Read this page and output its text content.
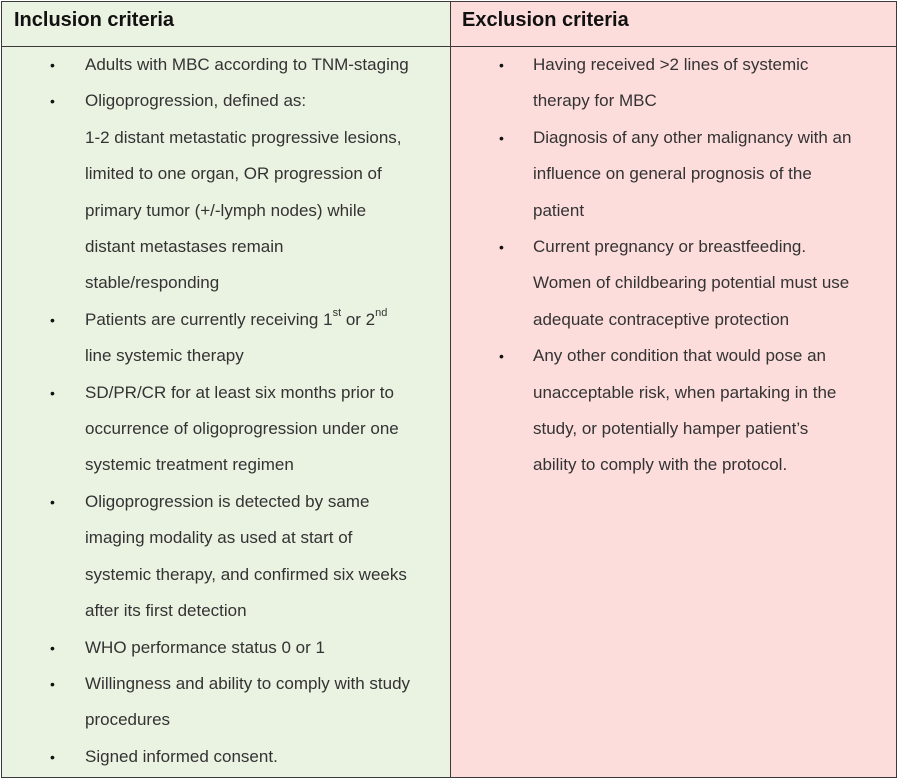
Inclusion criteria
• Adults with MBC according to TNM-staging
• Oligoprogression, defined as:
1-2 distant metastatic progressive lesions,
limited to one organ, OR progression of
primary tumor (+/-lymph nodes) while
distant metastases remain
stable/responding
• Patients are currently receiving 1st or 2nd
line systemic therapy
• SD/PR/CR for at least six months prior to
occurrence of oligoprogression under one
systemic treatment regimen
• Oligoprogression is detected by same
imaging modality as used at start of
systemic therapy, and confirmed six weeks
after its first detection
• WHO performance status 0 or 1
• Willingness and ability to comply with study
procedures
• Signed informed consent.
Exclusion criteria
• Having received >2 lines of systemic
therapy for MBC
• Diagnosis of any other malignancy with an
influence on general prognosis of the
patient
• Current pregnancy or breastfeeding.
Women of childbearing potential must use
adequate contraceptive protection
• Any other condition that would pose an
unacceptable risk, when partaking in the
study, or potentially hamper patient’s
ability to comply with the protocol.
